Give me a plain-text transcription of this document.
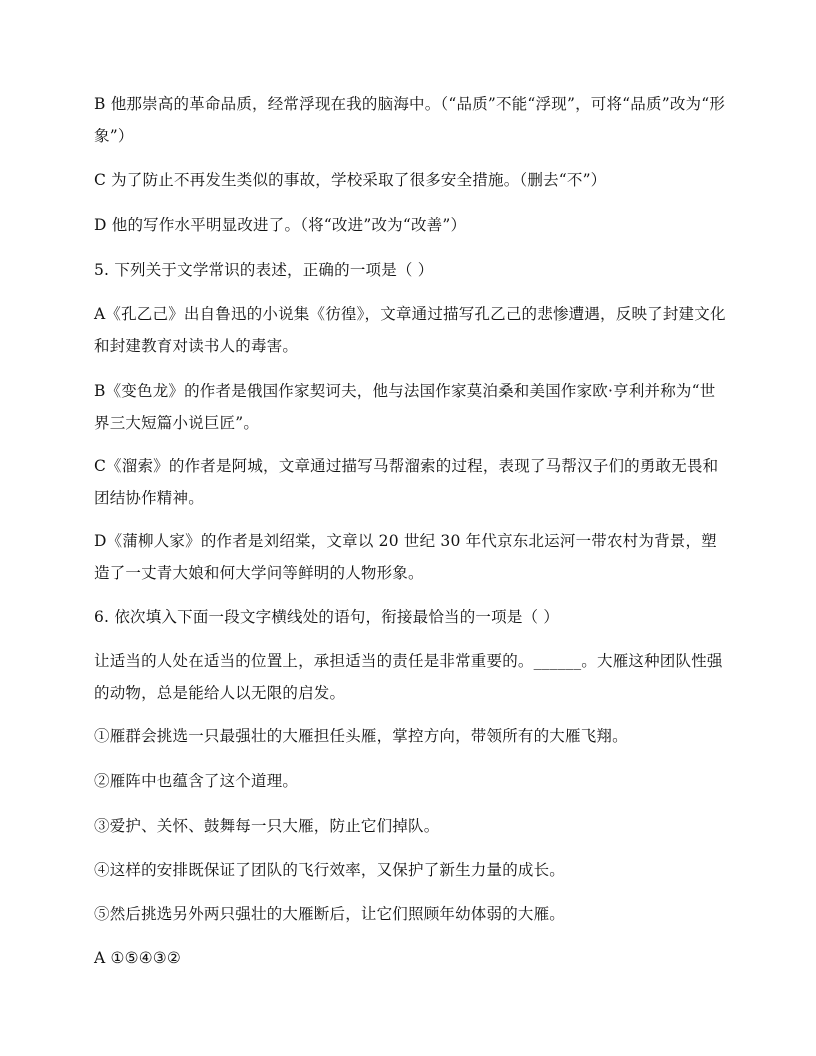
B 他那崇高的革命品质，经常浮现在我的脑海中。（“品质”不能“浮现”，可将“品质”改为“形象”）
C 为了防止不再发生类似的事故，学校采取了很多安全措施。（删去“不”）
D 他的写作水平明显改进了。（将“改进”改为“改善”）
5. 下列关于文学常识的表述，正确的一项是（ ）
A《孔乙己》出自鲁迅的小说集《彷徨》，文章通过描写孔乙己的悲惨遭遇，反映了封建文化和封建教育对读书人的毒害。
B《变色龙》的作者是俄国作家契诃夫，他与法国作家莫泊桑和美国作家欧·亨利并称为“世界三大短篇小说巨匠”。
C《溜索》的作者是阿城，文章通过描写马帮溜索的过程，表现了马帮汉子们的勇敢无畏和团结协作精神。
D《蒲柳人家》的作者是刘绍棠，文章以 20 世纪 30 年代京东北运河一带农村为背景，塑造了一丈青大娘和何大学问等鲜明的人物形象。
6. 依次填入下面一段文字横线处的语句，衔接最恰当的一项是（ ）
让适当的人处在适当的位置上，承担适当的责任是非常重要的。______。大雁这种团队性强的动物，总是能给人以无限的启发。
①雁群会挑选一只最强壮的大雁担任头雁，掌控方向，带领所有的大雁飞翔。
②雁阵中也蕴含了这个道理。
③爱护、关怀、鼓舞每一只大雁，防止它们掉队。
④这样的安排既保证了团队的飞行效率，又保护了新生力量的成长。
⑤然后挑选另外两只强壮的大雁断后，让它们照顾年幼体弱的大雁。
A ①⑤④③②
